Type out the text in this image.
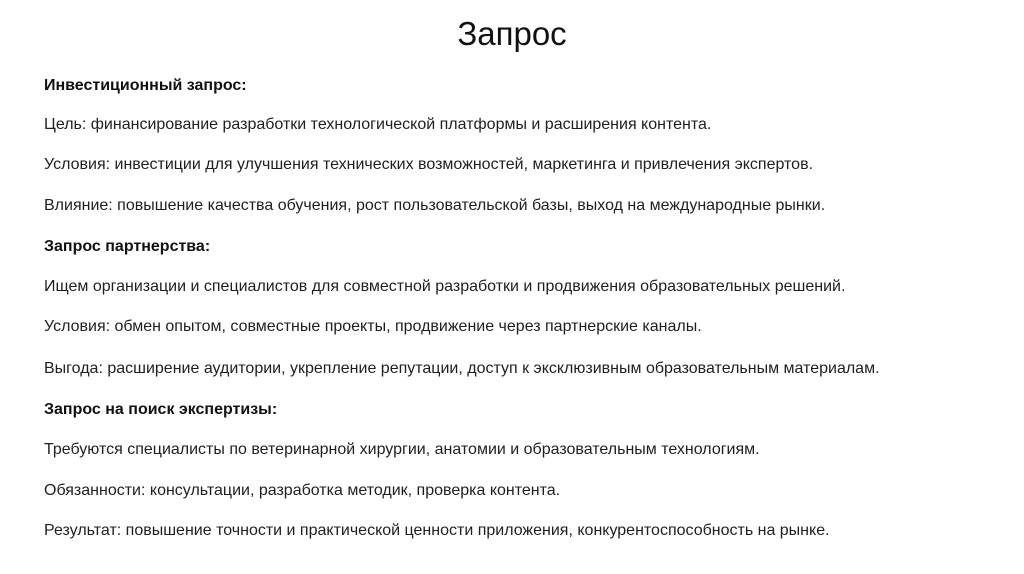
Запрос

Инвестиционный запрос:

Цель: финансирование разработки технологической платформы и расширения контента.

Условия: инвестиции для улучшения технических возможностей, маркетинга и привлечения экспертов.

Влияние: повышение качества обучения, рост пользовательской базы, выход на международные рынки.

Запрос партнерства:

Ищем организации и специалистов для совместной разработки и продвижения образовательных решений.

Условия: обмен опытом, совместные проекты, продвижение через партнерские каналы.

Выгода: расширение аудитории, укрепление репутации, доступ к эксклюзивным образовательным материалам.

Запрос на поиск экспертизы:

Требуются специалисты по ветеринарной хирургии, анатомии и образовательным технологиям.

Обязанности: консультации, разработка методик, проверка контента.

Результат: повышение точности и практической ценности приложения, конкурентоспособность на рынке.
